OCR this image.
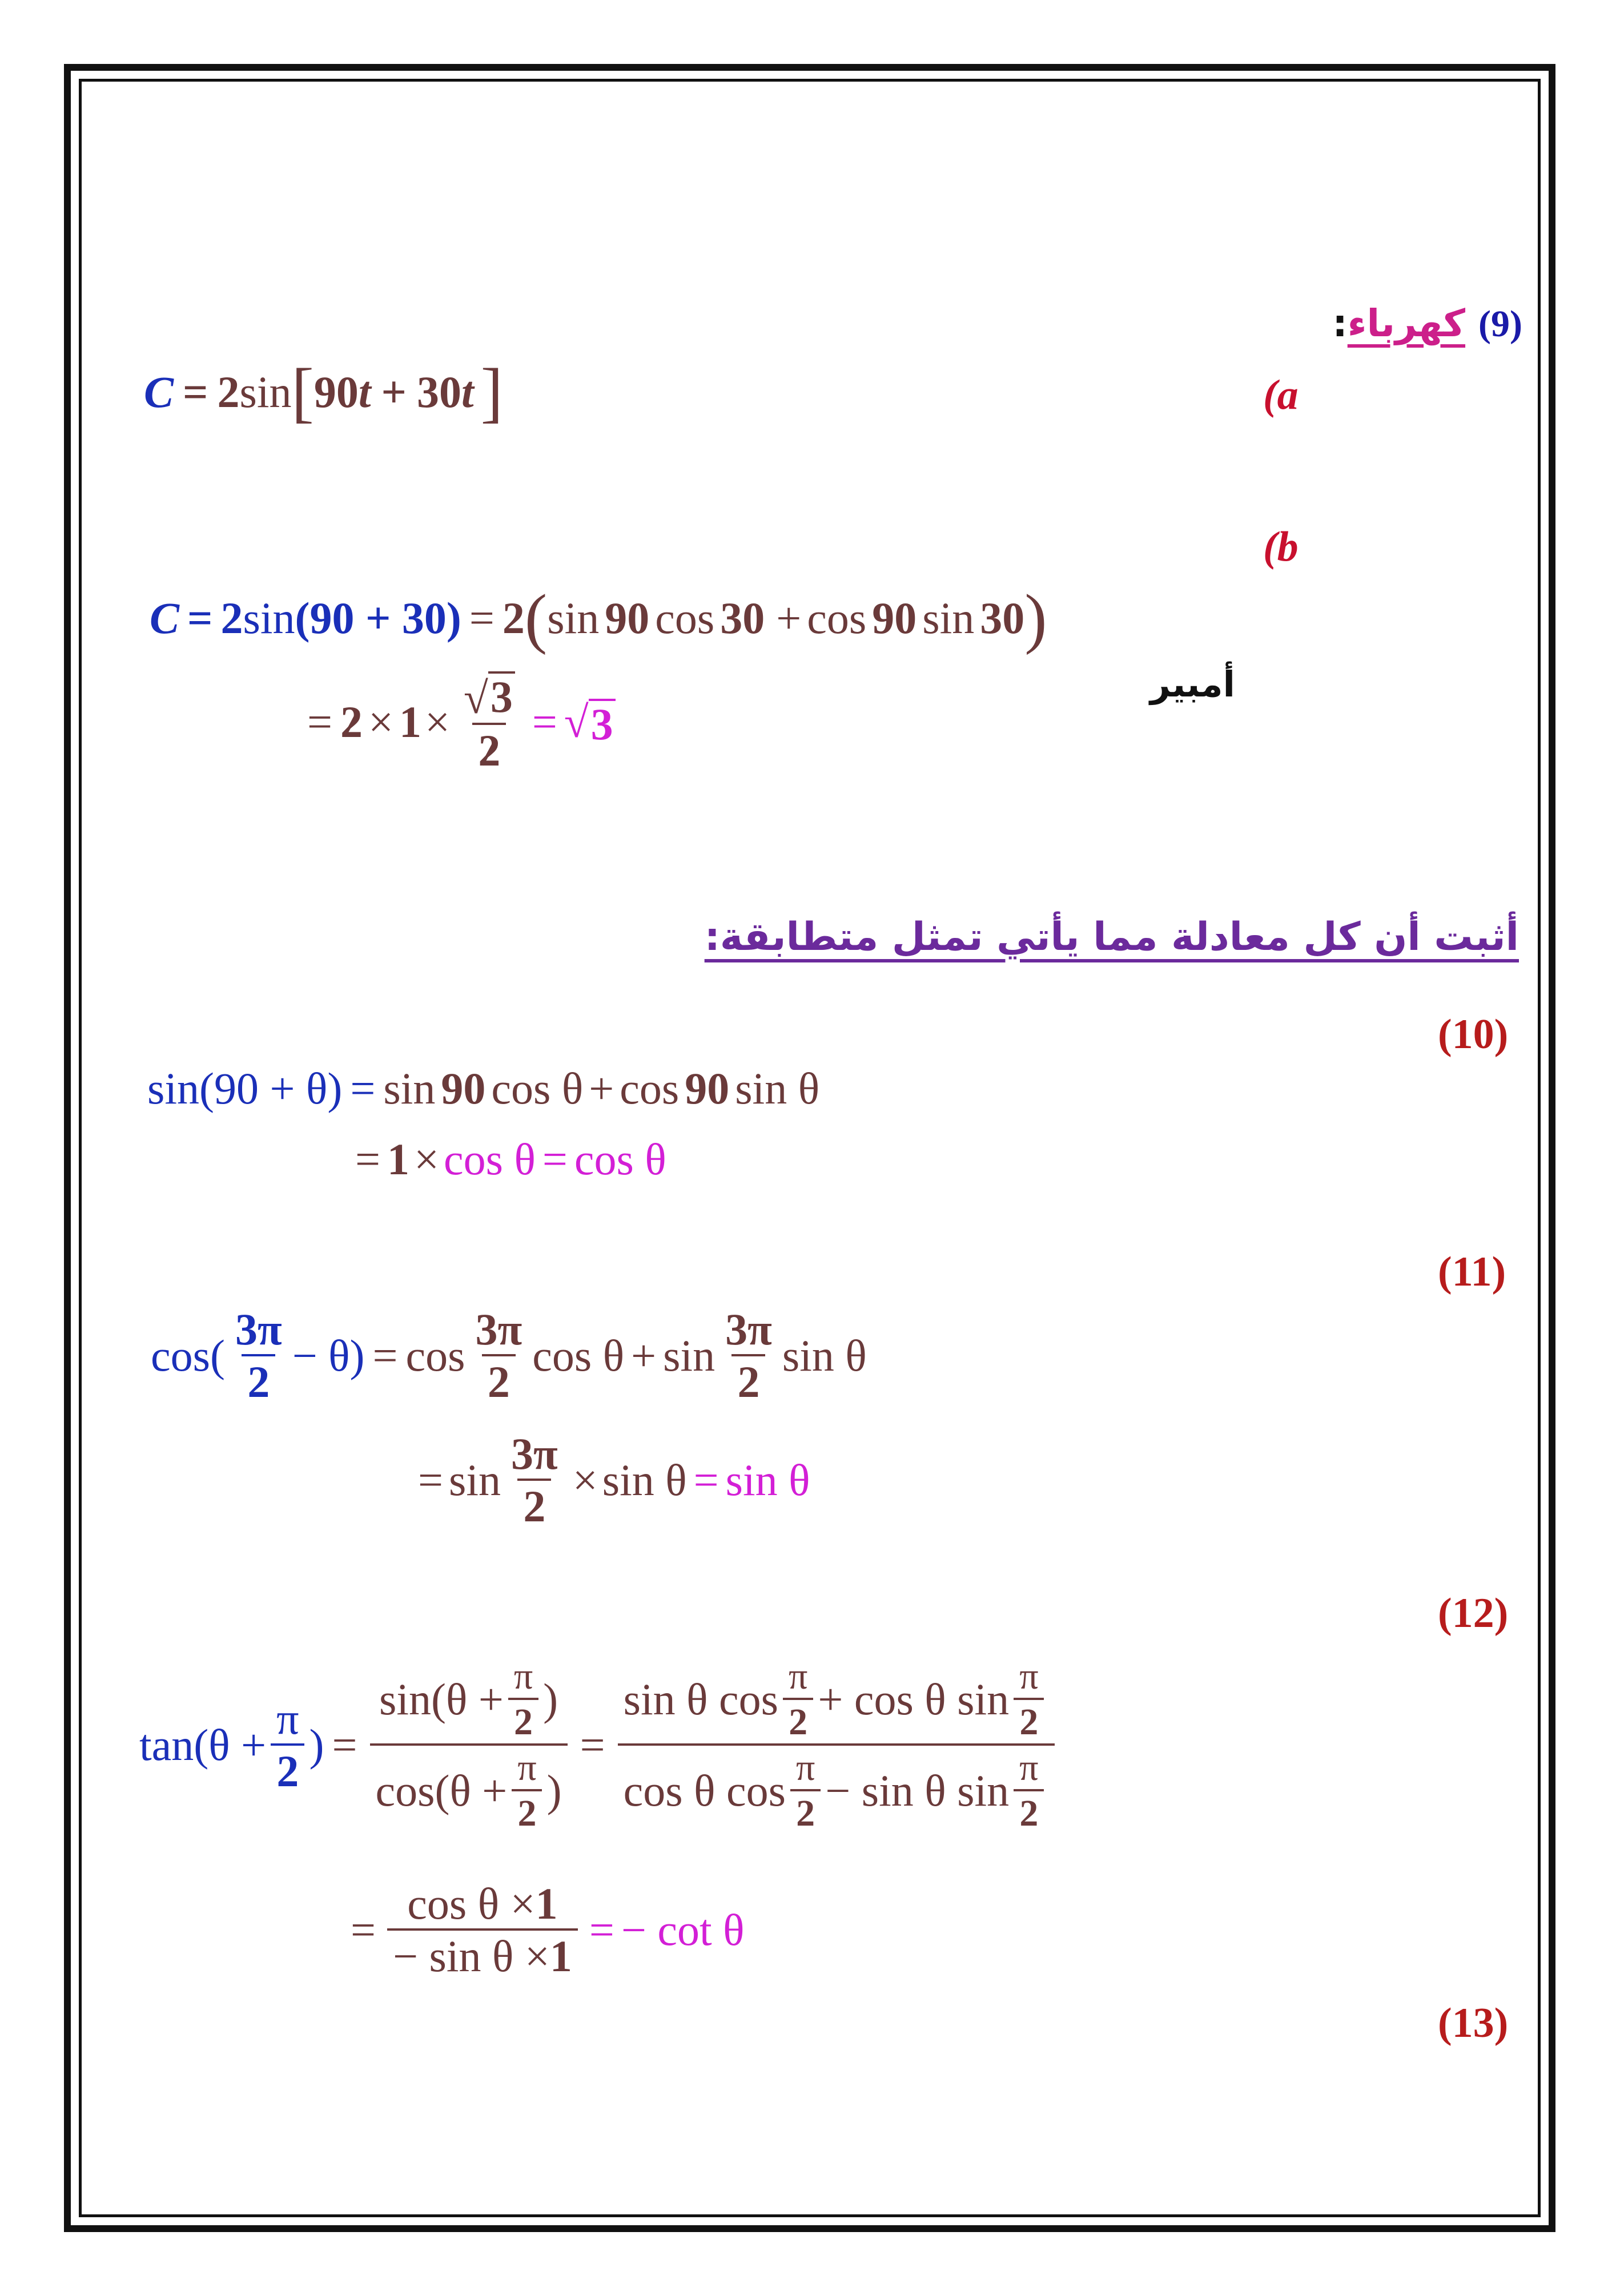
(9) كهرباء:
(a
C = 2 sin [ 90 t + 30 t ]
(b
C = 2 sin (90 + 30) = 2 ( sin 90 cos 30 + cos 90 sin 30 )
= $2 \times 1 \times \frac{√ 3}{2}$ = √ 3
أمبير
أثبت أن كل معادلة مما يأتي تمثل متطابقة:
(10)
sin(90 + θ) = sin 90 cos θ + cos 90 sin θ
= 1 × cos θ = cos θ
(11)
$\cos( \frac{3\pi}{2} - \theta) = \cos \frac{3\pi}{2}$ $\cos \theta + \sin \frac{3\pi}{2}$ sin θ
= $\sin \frac{3\pi}{2} \times \sin \theta = \sin \theta$
(12)
$\tan(\theta + \frac{\pi}{2}$ ) = $\frac{\sin(\theta + \frac{\pi}{2} )}{\cos(\theta + \frac{\pi}{2} )} = \frac{\sin \theta \cos \frac{\pi}{2} + \cos \theta \sin \frac{\pi}{2}}{\cos \theta \cos \frac{\pi}{2} - \sin \theta \sin \frac{\pi}{2}}$
= $\frac{\text{cos θ ×1}}{\text{− sin θ ×1}}$ = − cot θ
(13)
